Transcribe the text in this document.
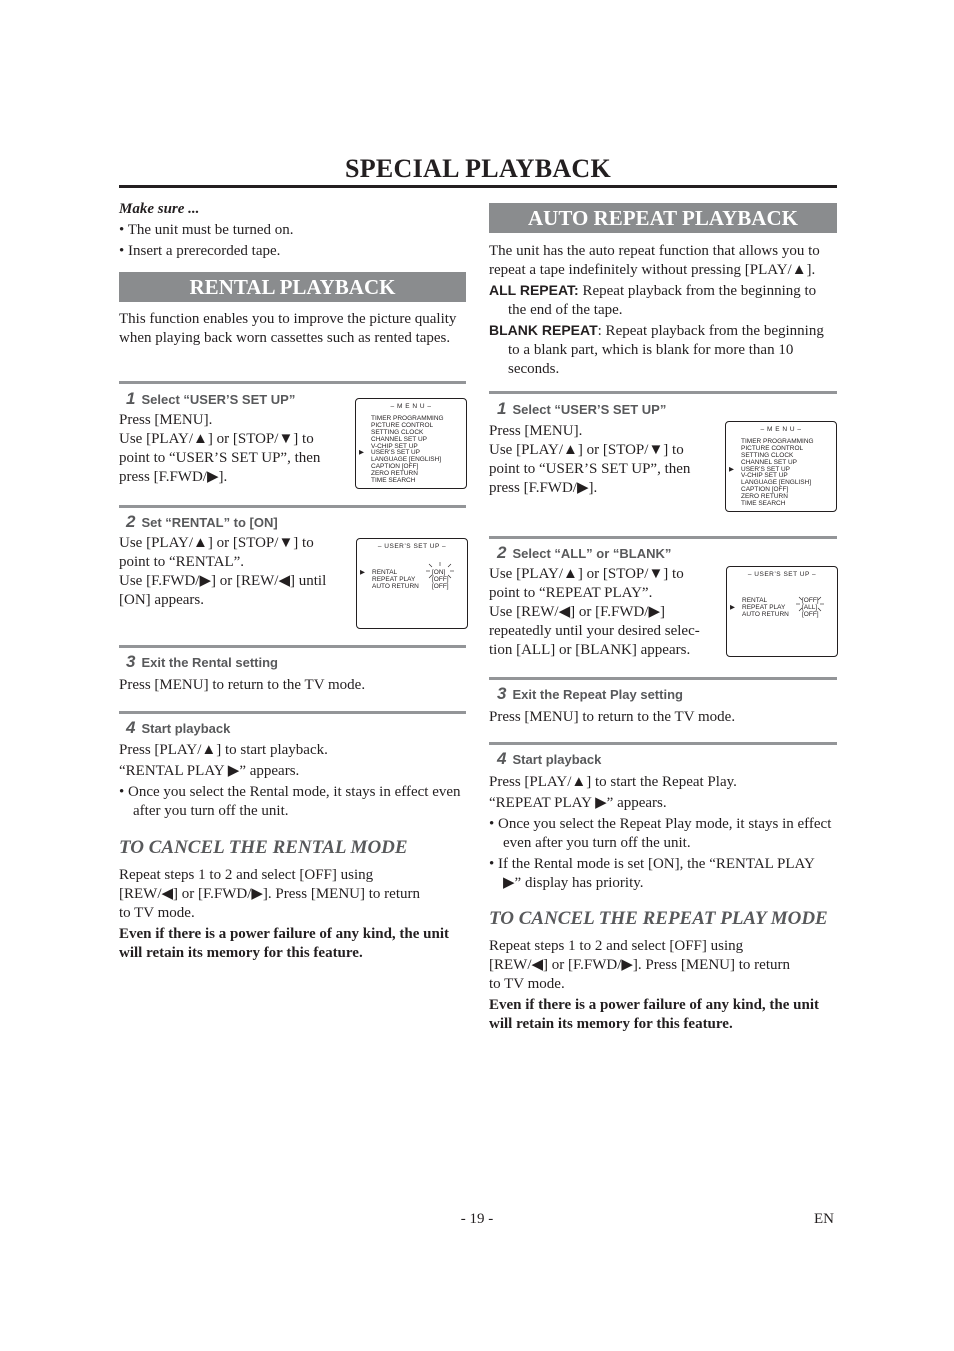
SPECIAL PLAYBACK
Make sure ...
• The unit must be turned on.
• Insert a prerecorded tape.
RENTAL PLAYBACK
This function enables you to improve the picture quality when playing back worn cassettes such as rented tapes.
1 Select “USER’S SET UP”
Press [MENU].
Use [PLAY/▲] or [STOP/▼] to
point to “USER’S SET UP”, then
press [F.FWD/▶].
– M E N U –
TIMER PROGRAMMING
PICTURE CONTROL
SETTING CLOCK
CHANNEL SET UP
V-CHIP SET UP
▶ USER’S SET UP
LANGUAGE [ENGLISH]
CAPTION [OFF]
ZERO RETURN
TIME SEARCH
2 Set “RENTAL” to [ON]
Use [PLAY/▲] or [STOP/▼] to
point to “RENTAL”.
Use [F.FWD/▶] or [REW/◀] until
[ON] appears.
– USER’S SET UP –
▶ RENTAL	[ON]
REPEAT PLAY	[OFF]
AUTO RETURN [OFF]
3 Exit the Rental setting
Press [MENU] to return to the TV mode.
4 Start playback
Press [PLAY/▲] to start playback.
“RENTAL PLAY ▶” appears.
• Once you select the Rental mode, it stays in effect even after you turn off the unit.
TO CANCEL THE RENTAL MODE
Repeat steps 1 to 2 and select [OFF] using
[REW/◀] or [F.FWD/▶]. Press [MENU] to return
to TV mode.
Even if there is a power failure of any kind, the unit will retain its memory for this feature.
AUTO REPEAT PLAYBACK
The unit has the auto repeat function that allows you to repeat a tape indefinitely without pressing [PLAY/▲].
ALL REPEAT: Repeat playback from the beginning to the end of the tape.
BLANK REPEAT: Repeat playback from the beginning to a blank part, which is blank for more than 10 seconds.
1 Select “USER’S SET UP”
Press [MENU].
Use [PLAY/▲] or [STOP/▼] to
point to “USER’S SET UP”, then
press [F.FWD/▶].
– M E N U –
TIMER PROGRAMMING
PICTURE CONTROL
SETTING CLOCK
CHANNEL SET UP
▶ USER’S SET UP
V-CHIP SET UP
LANGUAGE [ENGLISH]
CAPTION [OFF]
ZERO RETURN
TIME SEARCH
2 Select “ALL” or “BLANK”
Use [PLAY/▲] or [STOP/▼] to
point to “REPEAT PLAY”.
Use [REW/◀] or [F.FWD/▶]
repeatedly until your desired selec-
tion [ALL] or [BLANK] appears.
– USER’S SET UP –
RENTAL	[OFF]
▶ REPEAT PLAY	[ALL]
AUTO RETURN [OFF]
3 Exit the Repeat Play setting
Press [MENU] to return to the TV mode.
4 Start playback
Press [PLAY/▲] to start the Repeat Play.
“REPEAT PLAY ▶” appears.
• Once you select the Repeat Play mode, it stays in effect even after you turn off the unit.
• If the Rental mode is set [ON], the “RENTAL PLAY ▶” display has priority.
TO CANCEL THE REPEAT PLAY MODE
Repeat steps 1 to 2 and select [OFF] using
[REW/◀] or [F.FWD/▶]. Press [MENU] to return
to TV mode.
Even if there is a power failure of any kind, the unit will retain its memory for this feature.
- 19 -	EN
